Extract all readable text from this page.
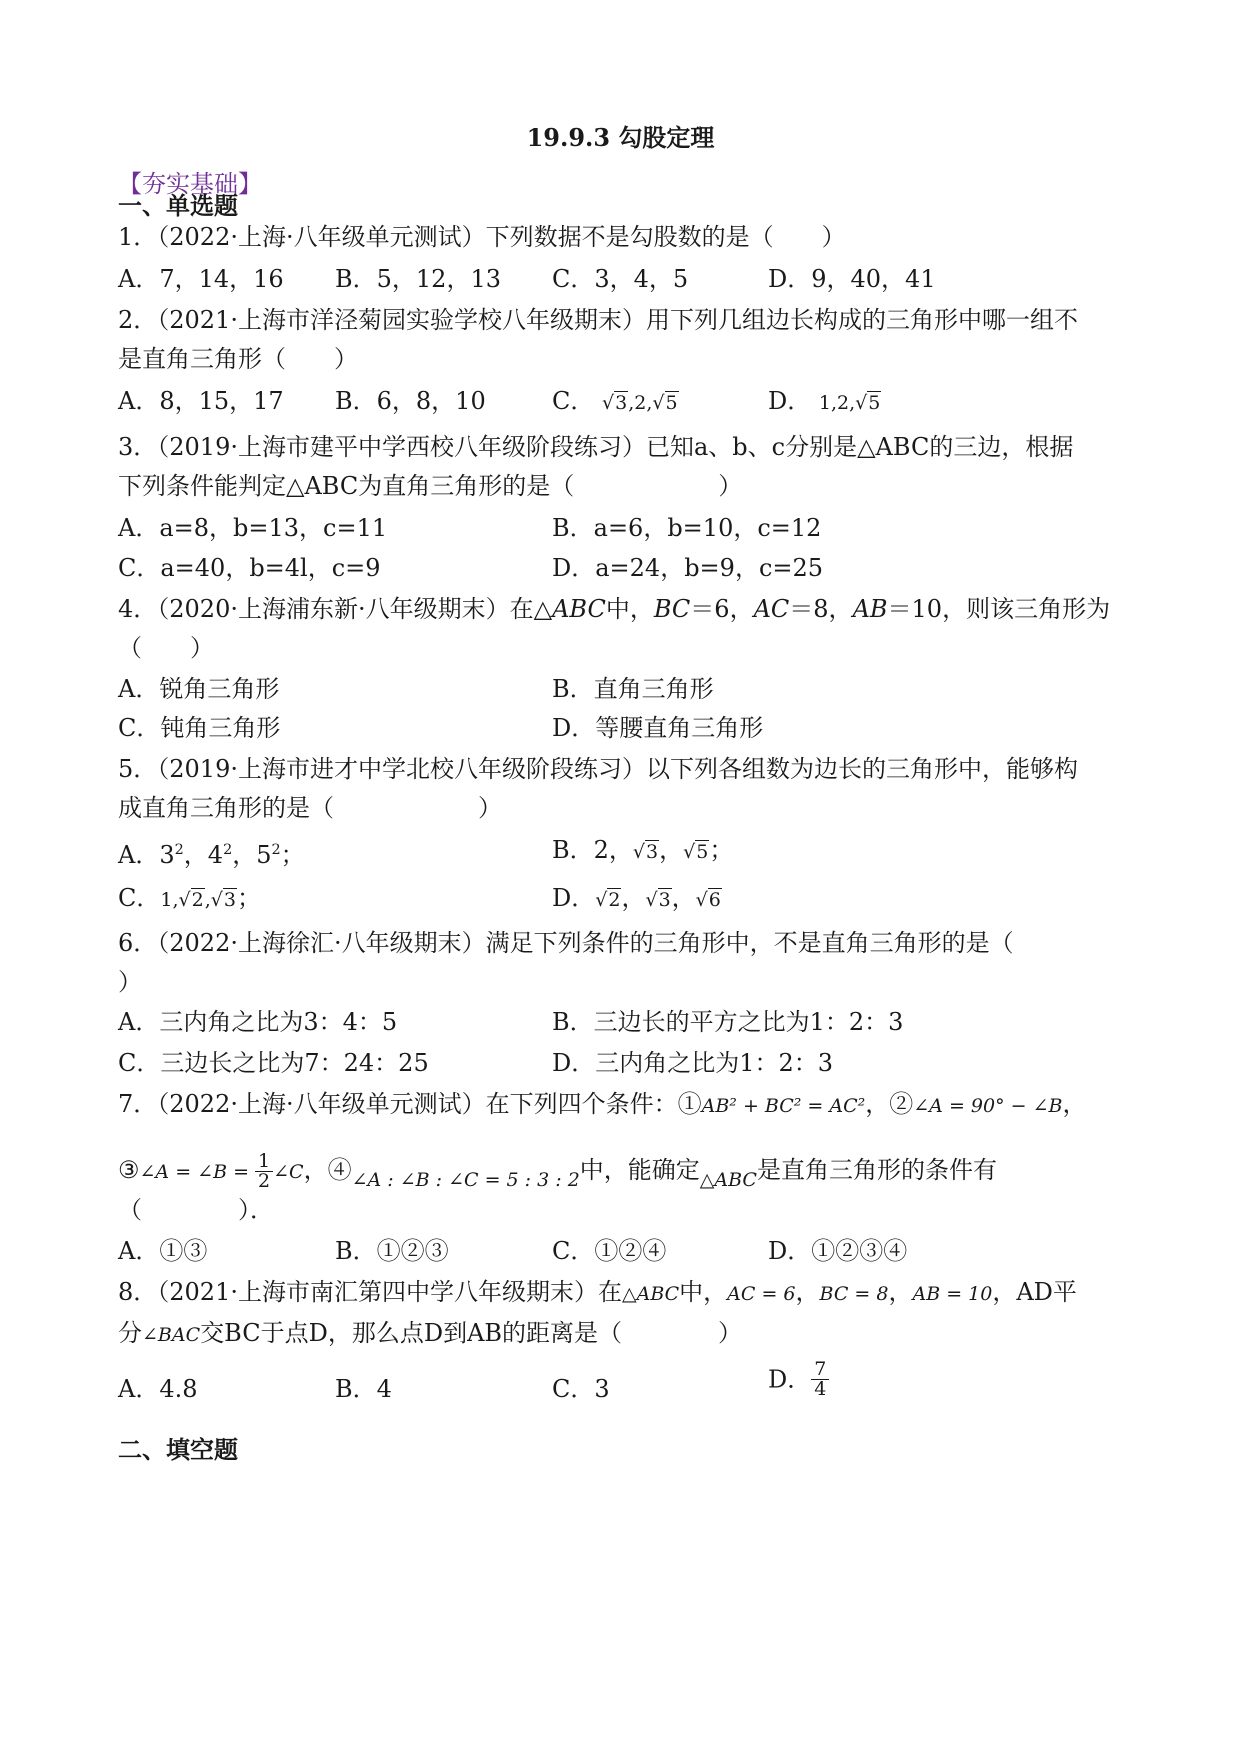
19.9.3 勾股定理
【夯实基础】
一、单选题
1．（2022·上海·八年级单元测试）下列数据不是勾股数的是（　　）
A．7，14，16 B．5，12，13 C．3，4，5	D．9，40，41
2．（2021·上海市洋泾菊园实验学校八年级期末）用下列几组边长构成的三角形中哪一组不
是直角三角形（　　）
A．8，15，17 B．6，8，10	C． √3,2,√5	D． 1,2,√5
3．（2019·上海市建平中学西校八年级阶段练习）已知a、b、c分别是△ABC的三边，根据
下列条件能判定△ABC为直角三角形的是（　　　　　　）
A．a=8，b=13，c=11	B．a=6，b=10，c=12
C．a=40，b=4l，c=9	D．a=24，b=9，c=25
4．（2020·上海浦东新·八年级期末）在△ABC中，BC＝6，AC＝8，AB＝10，则该三角形为
（　　）
A．锐角三角形	B．直角三角形
C．钝角三角形	D．等腰直角三角形
5．（2019·上海市进才中学北校八年级阶段练习）以下列各组数为边长的三角形中，能够构
成直角三角形的是（　　　　　　）
A．$3^2$，$4^2$，$5^2$；	B．2，√3，√5；
C．1,√2,√3；	D．√2，√3，√6
6．（2022·上海徐汇·八年级期末）满足下列条件的三角形中，不是直角三角形的是（
）
A．三内角之比为3：4：5	B．三边长的平方之比为1：2：3
C．三边长之比为7：24：25	D．三内角之比为1：2：3
7．（2022·上海·八年级单元测试）在下列四个条件：①AB² + BC² = AC²，②∠A = 90° − ∠B，
③∠A = ∠B = $\frac{1}{2}$ ∠C，$④_{\angle A : \angle B : \angle C = 5 : 3 : 2}$中，能确定$_{\triangle ABC}$是直角三角形的条件有
（　　　　）．
A．①③	B．①②③	C．①②④	D．①②③④
8．（2021·上海市南汇第四中学八年级期末）在△ABC中，AC = 6，BC = 8，AB = 10，AD平
分∠BAC交BC于点D，那么点D到AB的距离是（　　　　）
A．4.8	B．4	C．3	D． $\frac{7}{4}$
二、填空题
